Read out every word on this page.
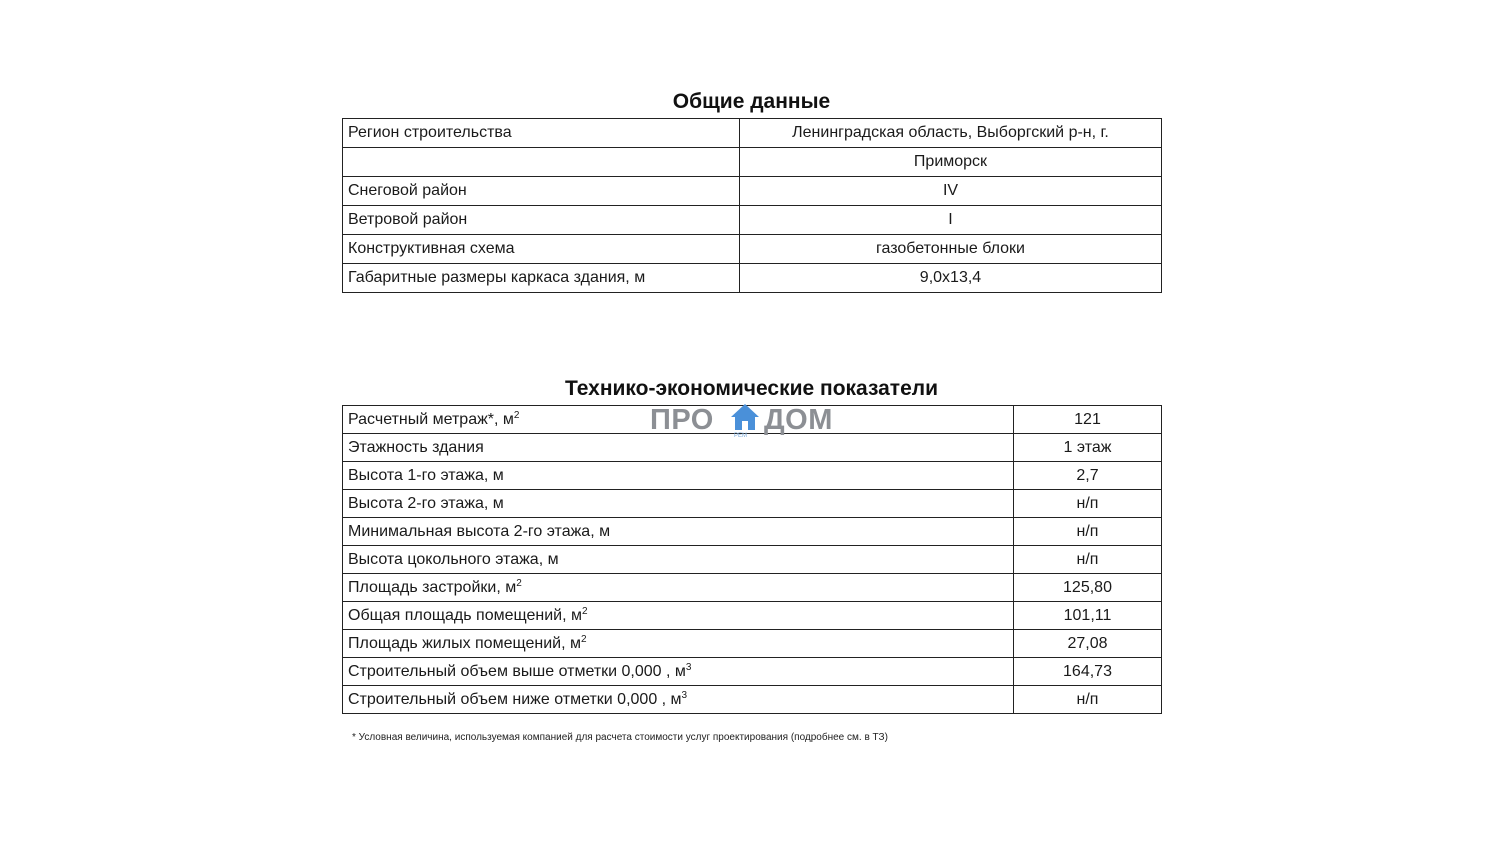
Общие данные
Регион строительства	Ленинградская область, Выборгский р-н, г.
	Приморск
Снеговой район	IV
Ветровой район	I
Конструктивная схема	газобетонные блоки
Габаритные размеры каркаса здания, м	9,0x13,4
Технико-экономические показатели
Расчетный метраж*, $м^2$	121
Этажность здания	1 этаж
Высота 1-го этажа, м	2,7
Высота 2-го этажа, м	н/п
Минимальная высота 2-го этажа, м	н/п
Высота цокольного этажа, м	н/п
Площадь застройки, $м^2$	125,80
Общая площадь помещений, $м^2$	101,11
Площадь жилых помещений, $м^2$	27,08
Строительный объем выше отметки 0,000 , $м^3$	164,73
Строительный объем ниже отметки 0,000 , $м^3$	н/п
* Условная величина, используемая компанией для расчета стоимости услуг проектирования (подробнее см. в ТЗ)
ПРО	РЕМ ДОМ
